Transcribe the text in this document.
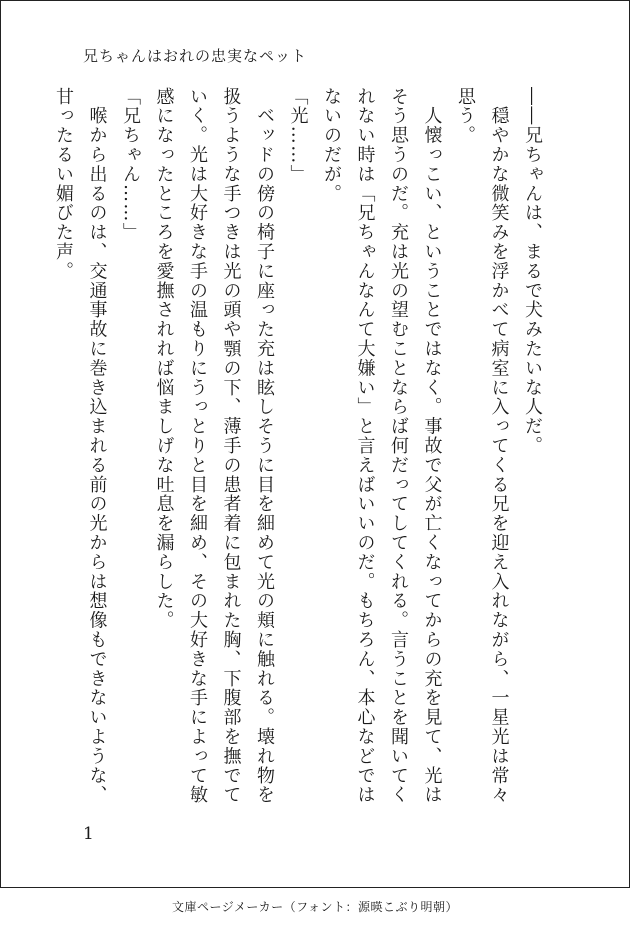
兄ちゃんはおれの忠実なペット

――兄ちゃんは、まるで犬みたいな人だ。

　穏やかな微笑みを浮かべて病室に入ってくる兄を迎え入れながら、一星光は常々思う。

　人懐っこい、ということではなく。事故で父が亡くなってからの充を見て、光はそう思うのだ。充は光の望むことならば何だってしてくれる。言うことを聞いてくれない時は「兄ちゃんなんて大嫌い」と言えばいいのだ。もちろん、本心などではないのだが。

「光……」

　ベッドの傍の椅子に座った充は眩しそうに目を細めて光の頬に触れる。壊れ物を扱うような手つきは光の頭や顎の下、薄手の患者着に包まれた胸、下腹部を撫でていく。光は大好きな手の温もりにうっとりと目を細め、その大好きな手によって敏感になったところを愛撫されれば悩ましげな吐息を漏らした。

「兄ちゃん……」

　喉から出るのは、交通事故に巻き込まれる前の光からは想像もできないような、甘ったるい媚びた声。

1
文庫ページメーカー（フォント：源暎こぶり明朝）
